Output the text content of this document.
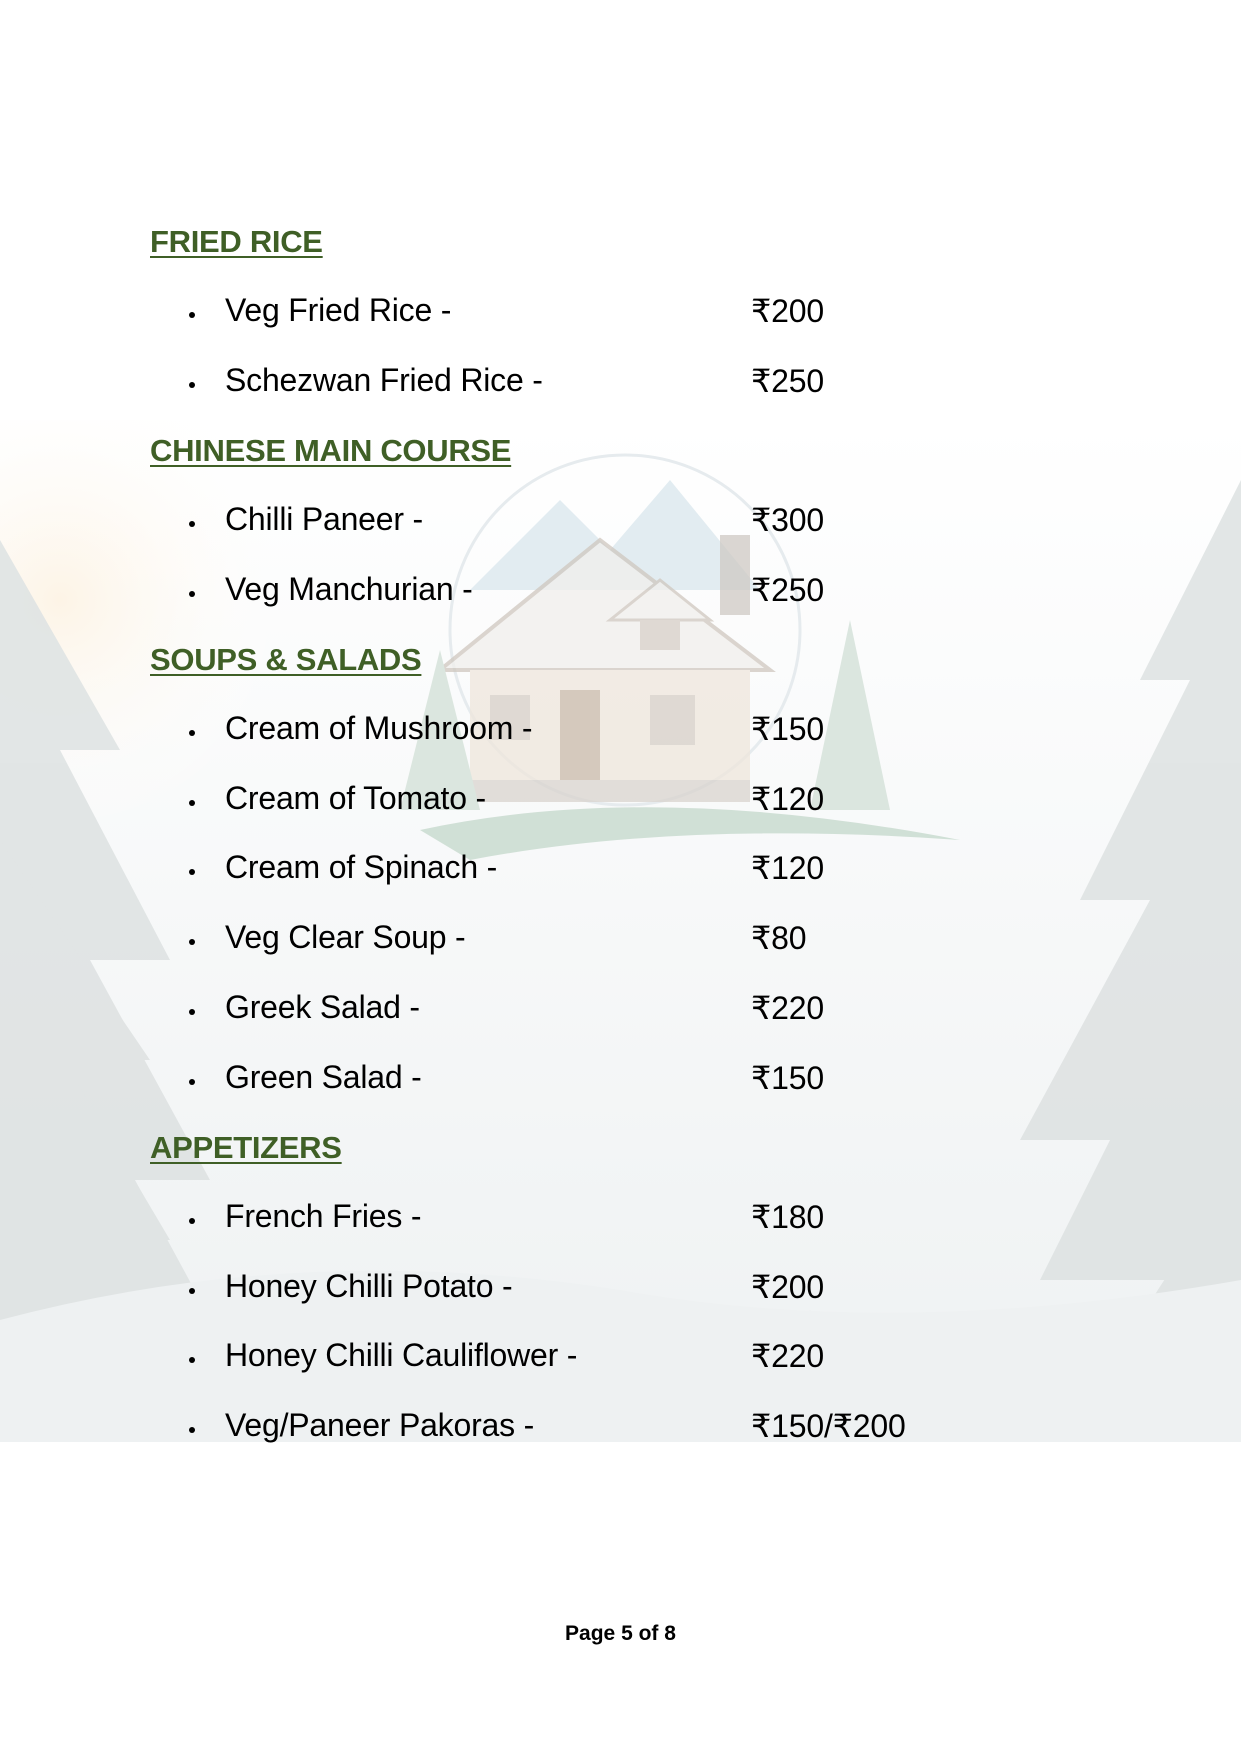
FRIED RICE
Veg Fried Rice -	₹200
Schezwan Fried Rice -	₹250
CHINESE MAIN COURSE
Chilli Paneer -	₹300
Veg Manchurian -	₹250
SOUPS & SALADS
Cream of Mushroom -	₹150
Cream of Tomato -	₹120
Cream of Spinach -	₹120
Veg Clear Soup -	₹80
Greek Salad -	₹220
Green Salad -	₹150
APPETIZERS
French Fries -	₹180
Honey Chilli Potato -	₹200
Honey Chilli Cauliflower -	₹220
Veg/Paneer Pakoras -	₹150/₹200
Page 5 of 8
